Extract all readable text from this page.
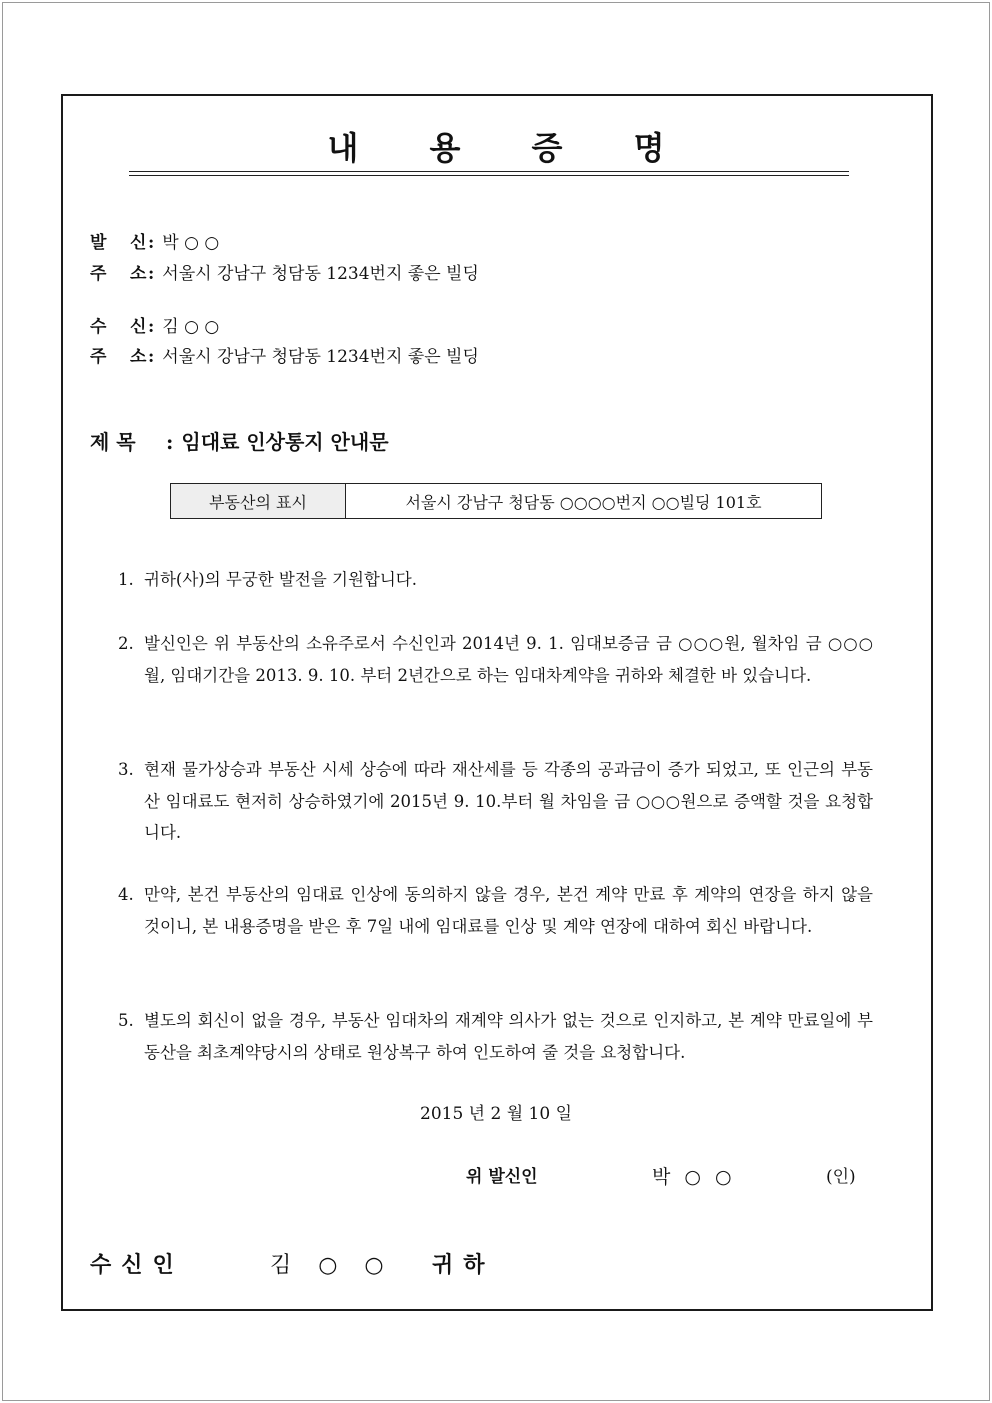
내 용 증 명
발 신: 박 ○ ○
주 소: 서울시 강남구 청담동 1234번지 좋은 빌딩
수 신: 김 ○ ○
주 소: 서울시 강남구 청담동 1234번지 좋은 빌딩
제 목 : 임대료 인상통지 안내문
부동산의 표시	서울시 강남구 청담동 ○○○○번지 ○○빌딩 101호
1. 귀하(사)의 무궁한 발전을 기원합니다.
2. 발신인은 위 부동산의 소유주로서 수신인과 2014년 9. 1. 임대보증금 금 ○○○원, 월차임 금 ○○○월, 임대기간을 2013. 9. 10. 부터 2년간으로 하는 임대차계약을 귀하와 체결한 바 있습니다.
3. 현재 물가상승과 부동산 시세 상승에 따라 재산세를 등 각종의 공과금이 증가 되었고, 또 인근의 부동산 임대료도 현저히 상승하였기에 2015년 9. 10.부터 월 차임을 금 ○○○원으로 증액할 것을 요청합니다.
4. 만약, 본건 부동산의 임대료 인상에 동의하지 않을 경우, 본건 계약 만료 후 계약의 연장을 하지 않을 것이니, 본 내용증명을 받은 후 7일 내에 임대료를 인상 및 계약 연장에 대하여 회신 바랍니다.
5. 별도의 회신이 없을 경우, 부동산 임대차의 재계약 의사가 없는 것으로 인지하고, 본 계약 만료일에 부동산을 최초계약당시의 상태로 원상복구 하여 인도하여 줄 것을 요청합니다.
2015 년 2 월 10 일
위 발신인	박 ○ ○	(인)
수신인	김 ○ ○ 귀하
